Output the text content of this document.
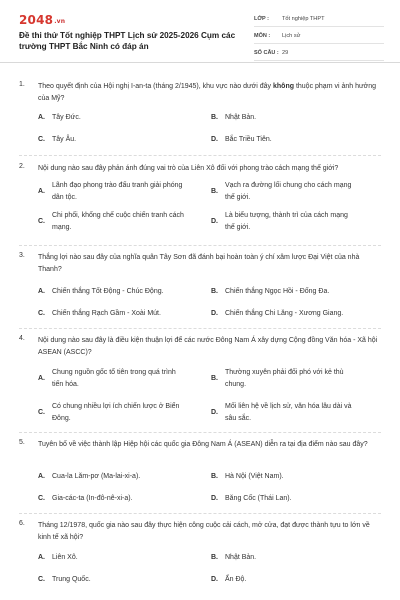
2048.vn
Đề thi thử Tốt nghiệp THPT Lịch sử 2025-2026 Cụm các trường THPT Bắc Ninh có đáp án
LỚP :	Tốt nghiệp THPT
MÔN :	Lịch sử
SỐ CÂU : 29
1. Theo quyết định của Hội nghị I-an-ta (tháng 2/1945), khu vực nào dưới đây không thuộc phạm vi ảnh hưởng của Mỹ?
A. Tây Đức.	B. Nhật Bản.
C. Tây Âu.	D. Bắc Triều Tiên.
2. Nội dung nào sau đây phản ánh đúng vai trò của Liên Xô đối với phong trào cách mạng thế giới?
A.
Lãnh đạo phong trào đấu tranh giải phóng dân tộc.
B.
Vạch ra đường lối chung cho cách mạng thế giới.
C.
Chi phối, khống chế cuộc chiến tranh cách mạng.
D.
Là biểu tượng, thành trì của cách mạng thế giới.
3. Thắng lợi nào sau đây của nghĩa quân Tây Sơn đã đánh bại hoàn toàn ý chí xâm lược Đại Việt của nhà Thanh?
A. Chiến thắng Tốt Động - Chúc Động.	B. Chiến thắng Ngọc Hồi - Đống Đa.
C. Chiến thắng Rạch Gầm - Xoài Mút.	D. Chiến thắng Chi Lăng - Xương Giang.
4. Nội dung nào sau đây là điều kiện thuận lợi để các nước Đông Nam Á xây dựng Cộng đồng Văn hóa - Xã hội ASEAN (ASCC)?
A.
Chung nguồn gốc tổ tiên trong quá trình tiến hóa.
B.
Thường xuyên phải đối phó với kẻ thù chung.
C.
Có chung nhiều lợi ích chiến lược ở Biển Đông.
D.
Mối liên hệ về lịch sử, văn hóa lâu dài và sâu sắc.
5. Tuyên bố về việc thành lập Hiệp hội các quốc gia Đông Nam Á (ASEAN) diễn ra tại địa điểm nào sau đây?
A. Cua-la Lăm-pơ (Ma-lai-xi-a).	B. Hà Nội (Việt Nam).
C. Gia-các-ta (In-đô-nê-xi-a).	D. Băng Cốc (Thái Lan).
6. Tháng 12/1978, quốc gia nào sau đây thực hiện công cuộc cải cách, mở cửa, đạt được thành tựu to lớn về kinh tế xã hội?
A. Liên Xô.	B. Nhật Bản.
C. Trung Quốc.	D. Ấn Độ.
